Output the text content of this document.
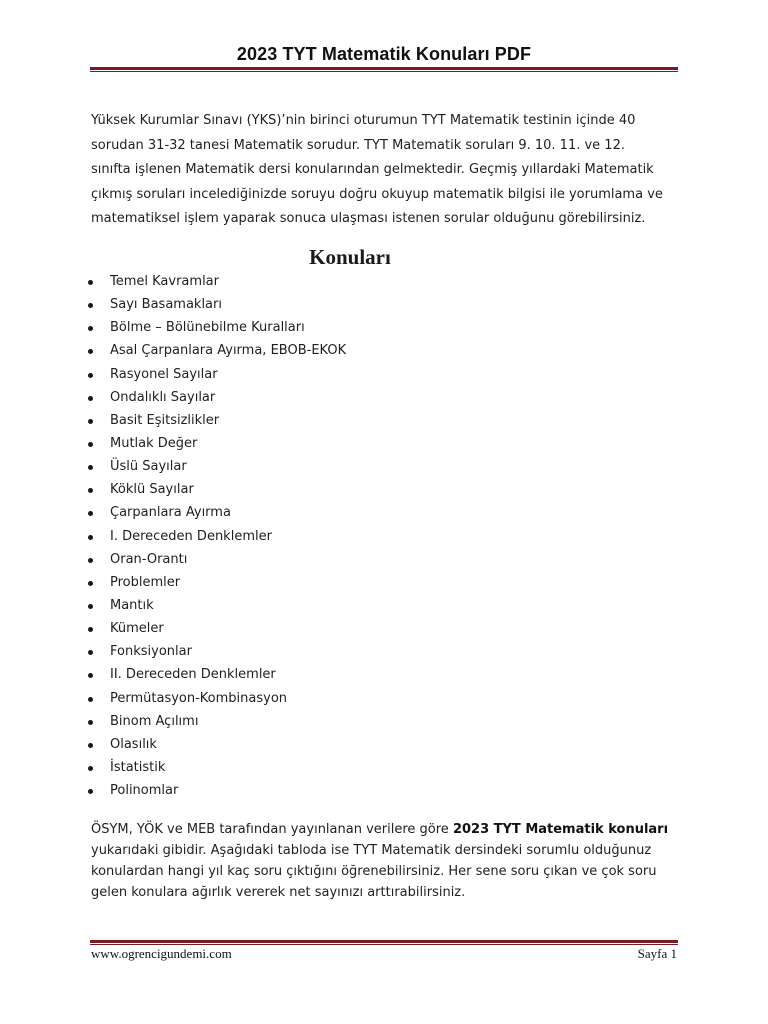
2023 TYT Matematik Konuları PDF

Yüksek Kurumlar Sınavı (YKS)’nin birinci oturumun TYT Matematik testinin içinde 40 sorudan 31-32 tanesi Matematik sorudur. TYT Matematik soruları 9. 10. 11. ve 12. sınıfta işlenen Matematik dersi konularından gelmektedir. Geçmiş yıllardaki Matematik çıkmış soruları incelediğinizde soruyu doğru okuyup matematik bilgisi ile yorumlama ve matematiksel işlem yaparak sonuca ulaşması istenen sorular olduğunu görebilirsiniz.

Konuları
Temel Kavramlar
Sayı Basamakları
Bölme – Bölünebilme Kuralları
Asal Çarpanlara Ayırma, EBOB-EKOK
Rasyonel Sayılar
Ondalıklı Sayılar
Basit Eşitsizlikler
Mutlak Değer
Üslü Sayılar
Köklü Sayılar
Çarpanlara Ayırma
I. Dereceden Denklemler
Oran-Orantı
Problemler
Mantık
Kümeler
Fonksiyonlar
II. Dereceden Denklemler
Permütasyon-Kombinasyon
Binom Açılımı
Olasılık
İstatistik
Polinomlar

ÖSYM, YÖK ve MEB tarafından yayınlanan verilere göre 2023 TYT Matematik konuları yukarıdaki gibidir. Aşağıdaki tabloda ise TYT Matematik dersindeki sorumlu olduğunuz konulardan hangi yıl kaç soru çıktığını öğrenebilirsiniz. Her sene soru çıkan ve çok soru gelen konulara ağırlık vererek net sayınızı arttırabilirsiniz.

www.ogrencigundemi.com	Sayfa 1
